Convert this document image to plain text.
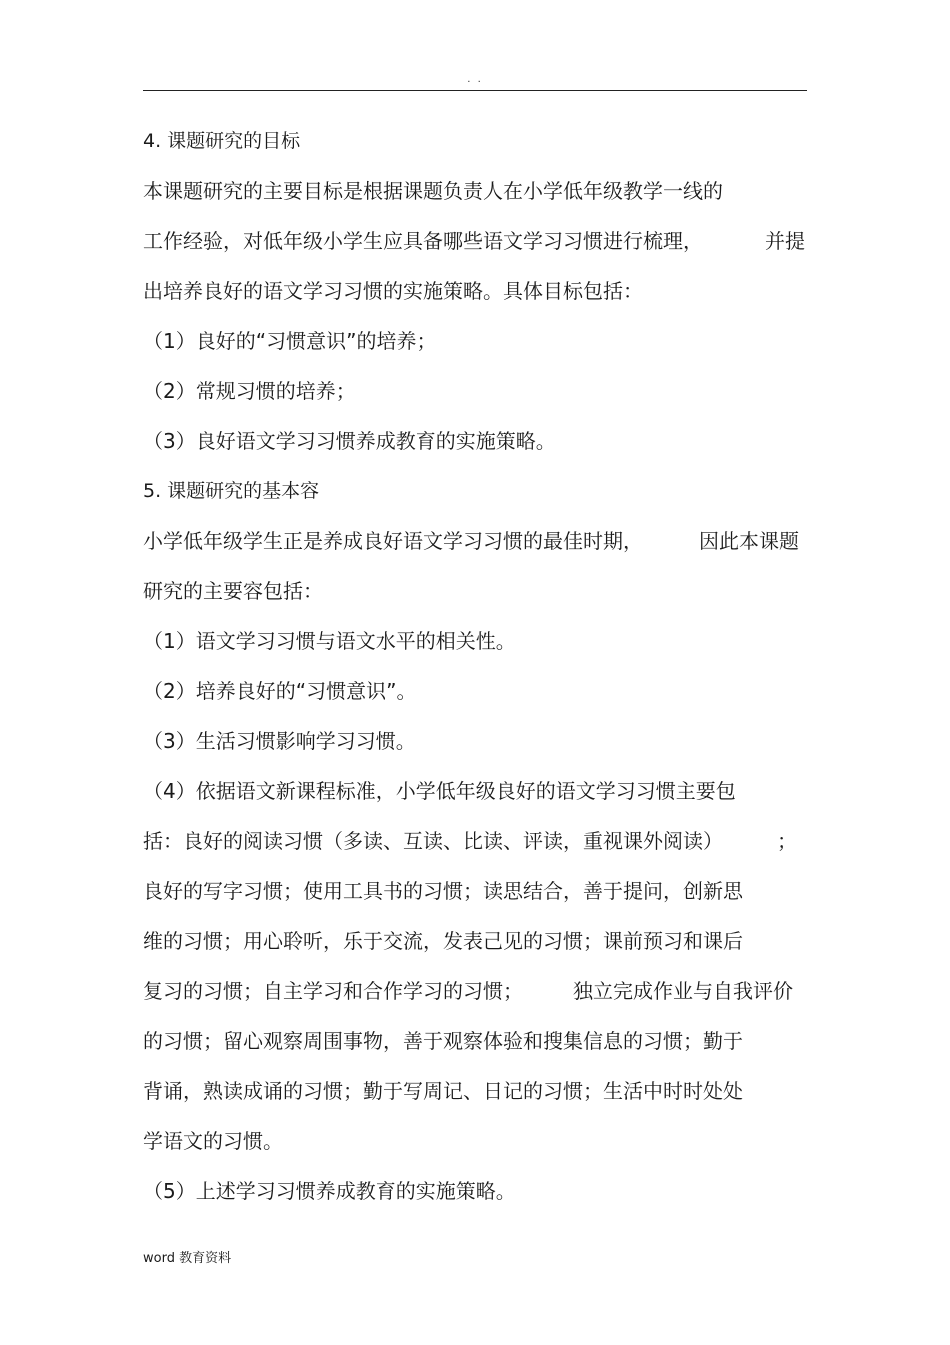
. .
4. 课题研究的目标
本课题研究的主要目标是根据课题负责人在小学低年级教学一线的
工作经验，对低年级小学生应具备哪些语文学习习惯进行梳理，	并提
出培养良好的语文学习习惯的实施策略。具体目标包括：
（1）良好的“习惯意识”的培养；
（2）常规习惯的培养；
（3）良好语文学习习惯养成教育的实施策略。
5. 课题研究的基本容
小学低年级学生正是养成良好语文学习习惯的最佳时期，	因此本课题
研究的主要容包括：
（1）语文学习习惯与语文水平的相关性。
（2）培养良好的“习惯意识”。
（3）生活习惯影响学习习惯。
（4）依据语文新课程标准，小学低年级良好的语文学习习惯主要包
括：良好的阅读习惯（多读、互读、比读、评读，重视课外阅读）	；
良好的写字习惯；使用工具书的习惯；读思结合，善于提问，创新思
维的习惯；用心聆听，乐于交流，发表己见的习惯；课前预习和课后
复习的习惯；自主学习和合作学习的习惯；	独立完成作业与自我评价
的习惯；留心观察周围事物，善于观察体验和搜集信息的习惯；勤于
背诵，熟读成诵的习惯；勤于写周记、日记的习惯；生活中时时处处
学语文的习惯。
（5）上述学习习惯养成教育的实施策略。
word 教育资料
